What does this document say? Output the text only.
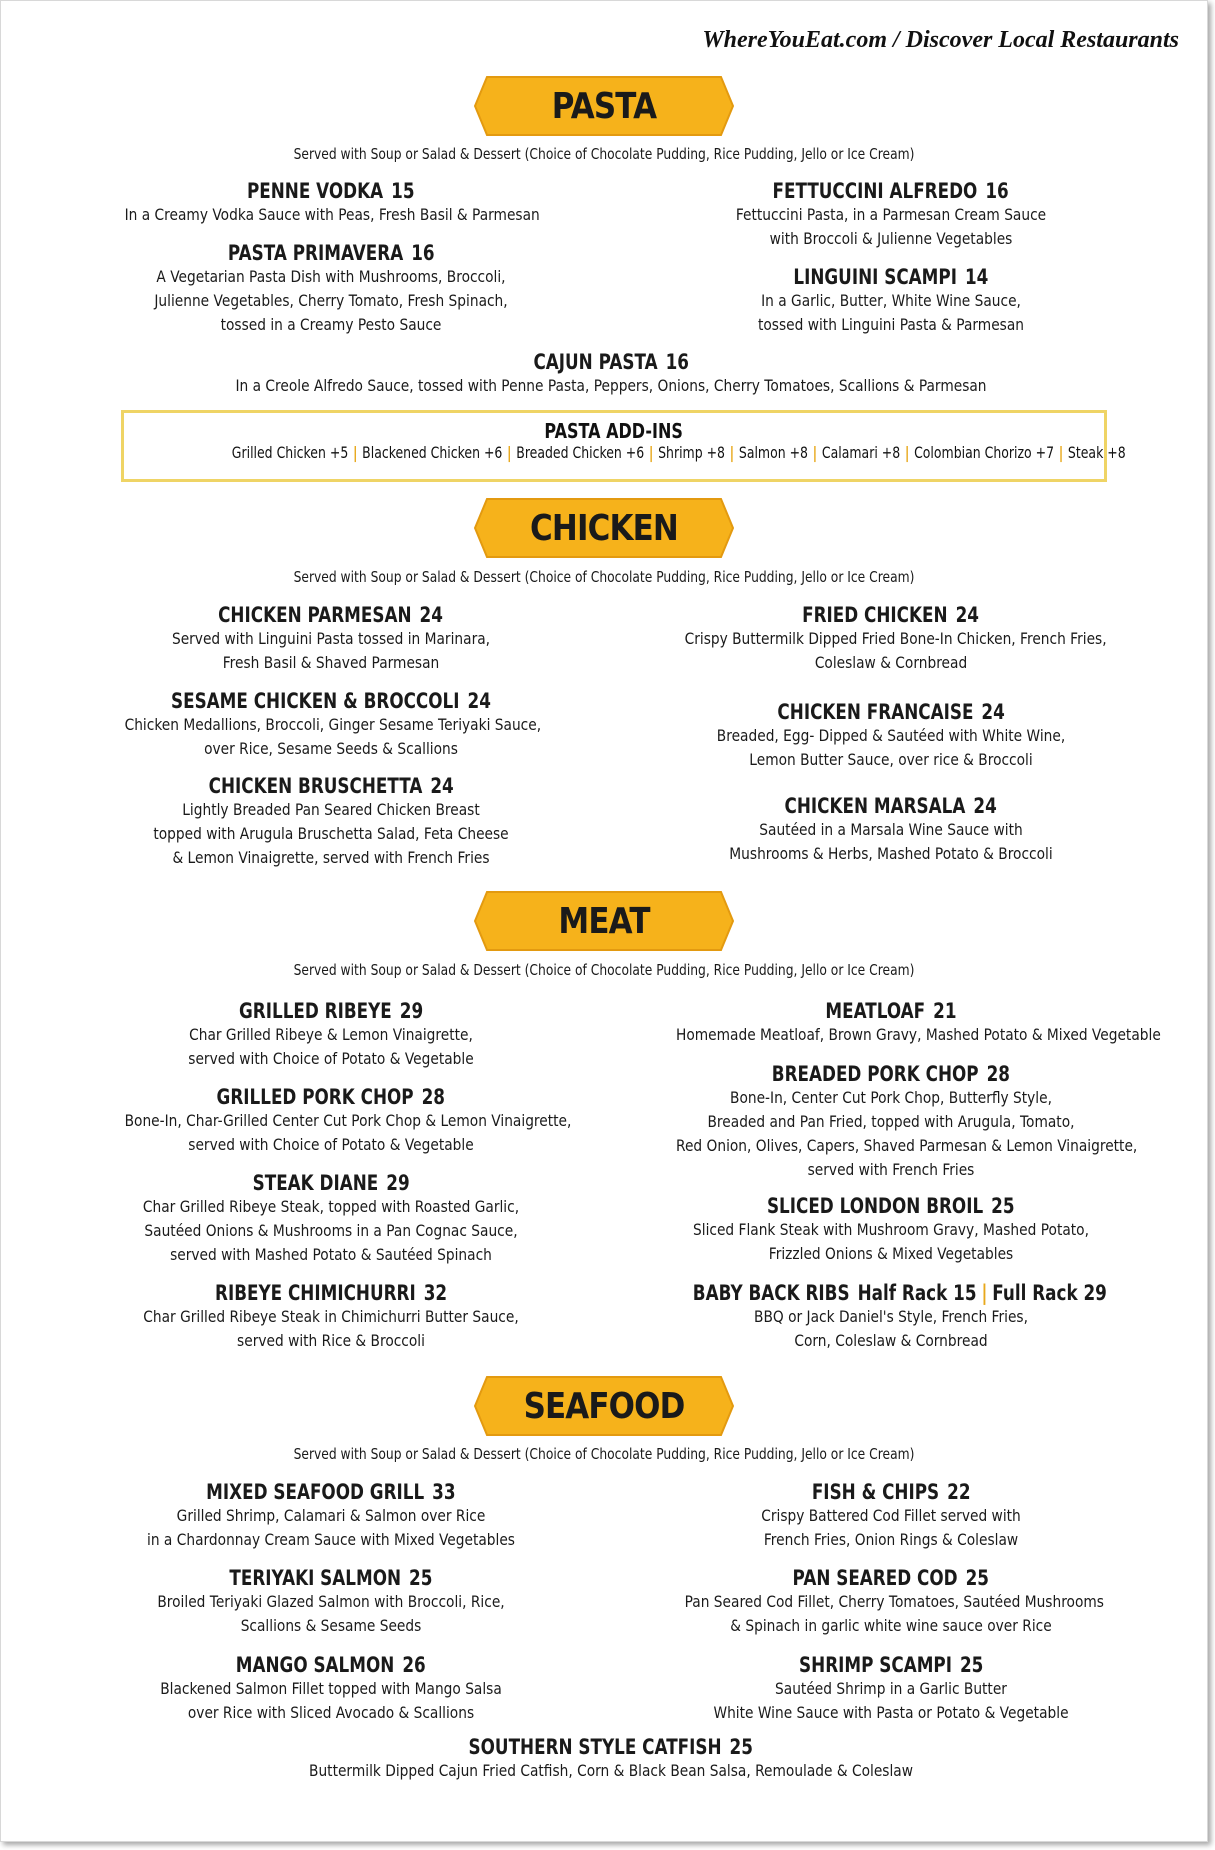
WhereYouEat.com / Discover Local Restaurants
PASTA
Served with Soup or Salad & Dessert (Choice of Chocolate Pudding, Rice Pudding, Jello or Ice Cream)
PENNE VODKA 15
In a Creamy Vodka Sauce with Peas, Fresh Basil & Parmesan
PASTA PRIMAVERA 16
A Vegetarian Pasta Dish with Mushrooms, Broccoli,
Julienne Vegetables, Cherry Tomato, Fresh Spinach,
tossed in a Creamy Pesto Sauce
FETTUCCINI ALFREDO 16
Fettuccini Pasta, in a Parmesan Cream Sauce
with Broccoli & Julienne Vegetables
LINGUINI SCAMPI 14
In a Garlic, Butter, White Wine Sauce,
tossed with Linguini Pasta & Parmesan
CAJUN PASTA 16
In a Creole Alfredo Sauce, tossed with Penne Pasta, Peppers, Onions, Cherry Tomatoes, Scallions & Parmesan
PASTA ADD-INS
Grilled Chicken +5 | Blackened Chicken +6 | Breaded Chicken +6 | Shrimp +8 | Salmon +8 | Calamari +8 | Colombian Chorizo +7 | Steak +8
CHICKEN
Served with Soup or Salad & Dessert (Choice of Chocolate Pudding, Rice Pudding, Jello or Ice Cream)
CHICKEN PARMESAN 24
Served with Linguini Pasta tossed in Marinara,
Fresh Basil & Shaved Parmesan
SESAME CHICKEN & BROCCOLI 24
Chicken Medallions, Broccoli, Ginger Sesame Teriyaki Sauce,
over Rice, Sesame Seeds & Scallions
CHICKEN BRUSCHETTA 24
Lightly Breaded Pan Seared Chicken Breast
topped with Arugula Bruschetta Salad, Feta Cheese
& Lemon Vinaigrette, served with French Fries
FRIED CHICKEN 24
Crispy Buttermilk Dipped Fried Bone-In Chicken, French Fries,
Coleslaw & Cornbread
CHICKEN FRANCAISE 24
Breaded, Egg- Dipped & Sautéed with White Wine,
Lemon Butter Sauce, over rice & Broccoli
CHICKEN MARSALA 24
Sautéed in a Marsala Wine Sauce with
Mushrooms & Herbs, Mashed Potato & Broccoli
MEAT
Served with Soup or Salad & Dessert (Choice of Chocolate Pudding, Rice Pudding, Jello or Ice Cream)
GRILLED RIBEYE 29
Char Grilled Ribeye & Lemon Vinaigrette,
served with Choice of Potato & Vegetable
GRILLED PORK CHOP 28
Bone-In, Char-Grilled Center Cut Pork Chop & Lemon Vinaigrette,
served with Choice of Potato & Vegetable
STEAK DIANE 29
Char Grilled Ribeye Steak, topped with Roasted Garlic,
Sautéed Onions & Mushrooms in a Pan Cognac Sauce,
served with Mashed Potato & Sautéed Spinach
RIBEYE CHIMICHURRI 32
Char Grilled Ribeye Steak in Chimichurri Butter Sauce,
served with Rice & Broccoli
MEATLOAF 21
Homemade Meatloaf, Brown Gravy, Mashed Potato & Mixed Vegetable
BREADED PORK CHOP 28
Bone-In, Center Cut Pork Chop, Butterfly Style,
Breaded and Pan Fried, topped with Arugula, Tomato,
Red Onion, Olives, Capers, Shaved Parmesan & Lemon Vinaigrette,
served with French Fries
SLICED LONDON BROIL 25
Sliced Flank Steak with Mushroom Gravy, Mashed Potato,
Frizzled Onions & Mixed Vegetables
BABY BACK RIBS Half Rack 15 | Full Rack 29
BBQ or Jack Daniel's Style, French Fries,
Corn, Coleslaw & Cornbread
SEAFOOD
Served with Soup or Salad & Dessert (Choice of Chocolate Pudding, Rice Pudding, Jello or Ice Cream)
MIXED SEAFOOD GRILL 33
Grilled Shrimp, Calamari & Salmon over Rice
in a Chardonnay Cream Sauce with Mixed Vegetables
TERIYAKI SALMON 25
Broiled Teriyaki Glazed Salmon with Broccoli, Rice,
Scallions & Sesame Seeds
MANGO SALMON 26
Blackened Salmon Fillet topped with Mango Salsa
over Rice with Sliced Avocado & Scallions
FISH & CHIPS 22
Crispy Battered Cod Fillet served with
French Fries, Onion Rings & Coleslaw
PAN SEARED COD 25
Pan Seared Cod Fillet, Cherry Tomatoes, Sautéed Mushrooms
& Spinach in garlic white wine sauce over Rice
SHRIMP SCAMPI 25
Sautéed Shrimp in a Garlic Butter
White Wine Sauce with Pasta or Potato & Vegetable
SOUTHERN STYLE CATFISH 25
Buttermilk Dipped Cajun Fried Catfish, Corn & Black Bean Salsa, Remoulade & Coleslaw
